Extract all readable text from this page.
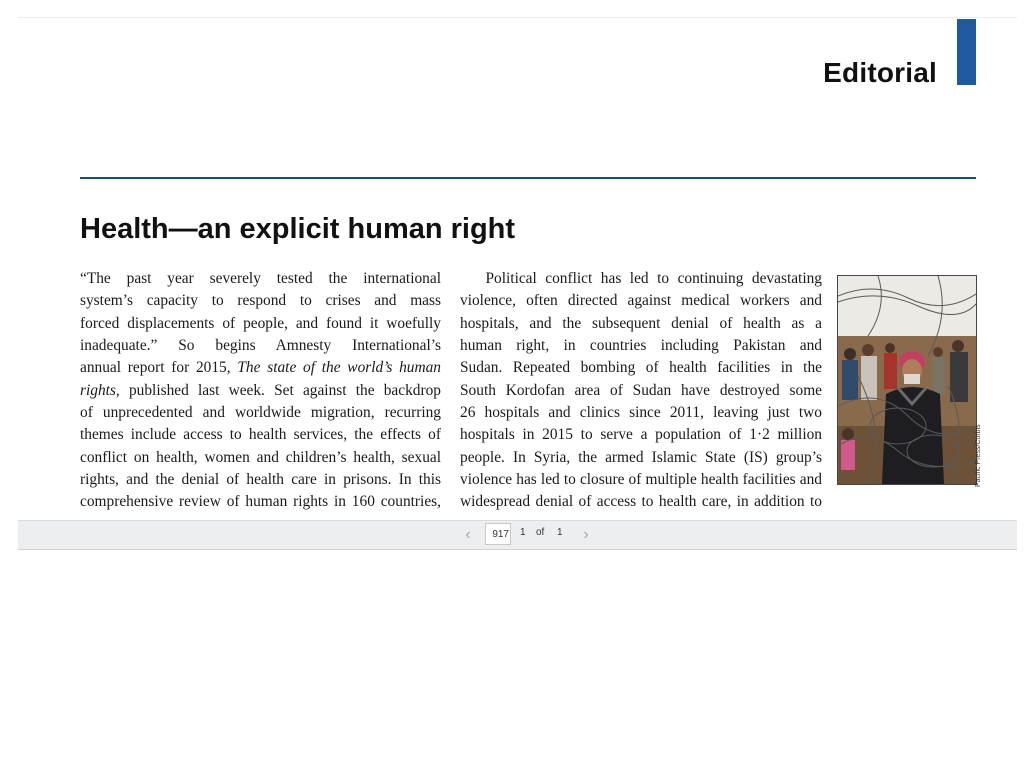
Editorial
Health—an explicit human right
“The past year severely tested the international
system’s capacity to respond to crises and mass
forced displacements of people, and found it woefully
inadequate.” So begins Amnesty International’s
annual report for 2015, The state of the world’s human
rights, published last week. Set against the backdrop
of unprecedented and worldwide migration, recurring
themes include access to health services, the effects of
conflict on health, women and children’s health, sexual
rights, and the denial of health care in prisons. In this
comprehensive review of human rights in 160 countries,
Political conflict has led to continuing devastating
violence, often directed against medical workers and
hospitals, and the subsequent denial of health as a
human right, in countries including Pakistan and
Sudan. Repeated bombing of health facilities in the
South Kordofan area of Sudan have destroyed some
26 hospitals and clinics since 2011, leaving just two
hospitals in 2015 to serve a population of 1·2 million
people. In Syria, the armed Islamic State (IS) group’s
violence has led to closure of multiple health facilities and
widespread denial of access to health care, in addition to
Pacific Press/Corbis
‹	917 1 of 1	›
